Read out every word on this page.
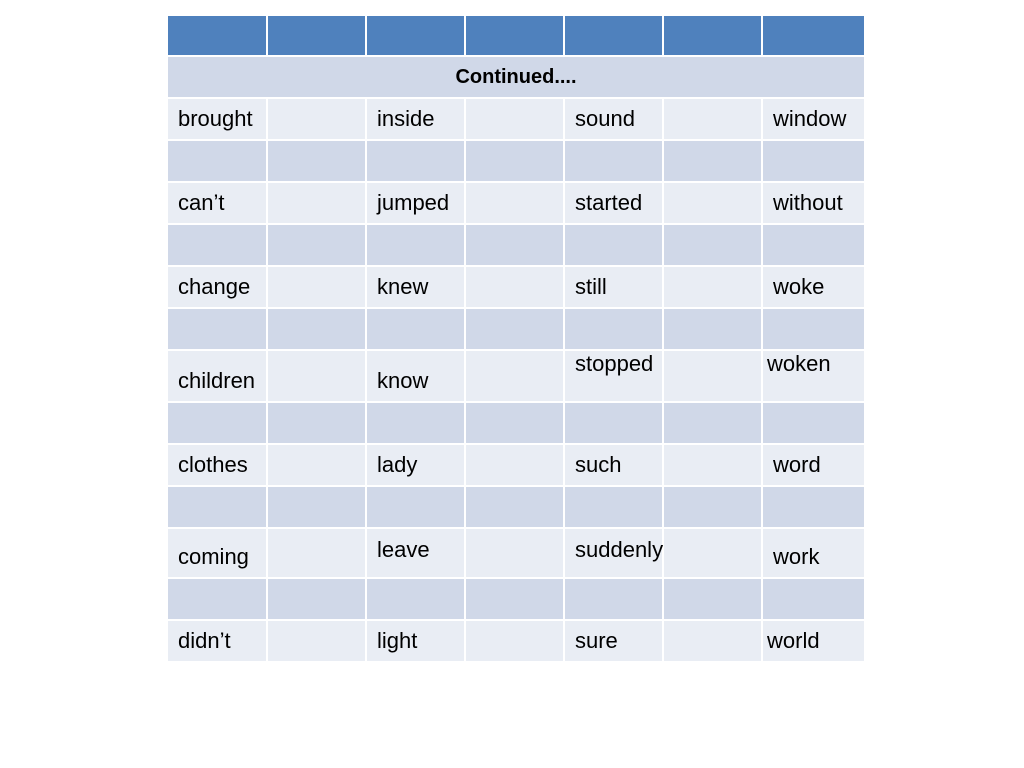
Continued....						
brought		inside		sound		window

can’t		jumped		started		without

change		knew		still		woke

children		know		stopped		woken

clothes		lady		such		word

coming		leave		suddenly		work

didn’t		light		sure		world
